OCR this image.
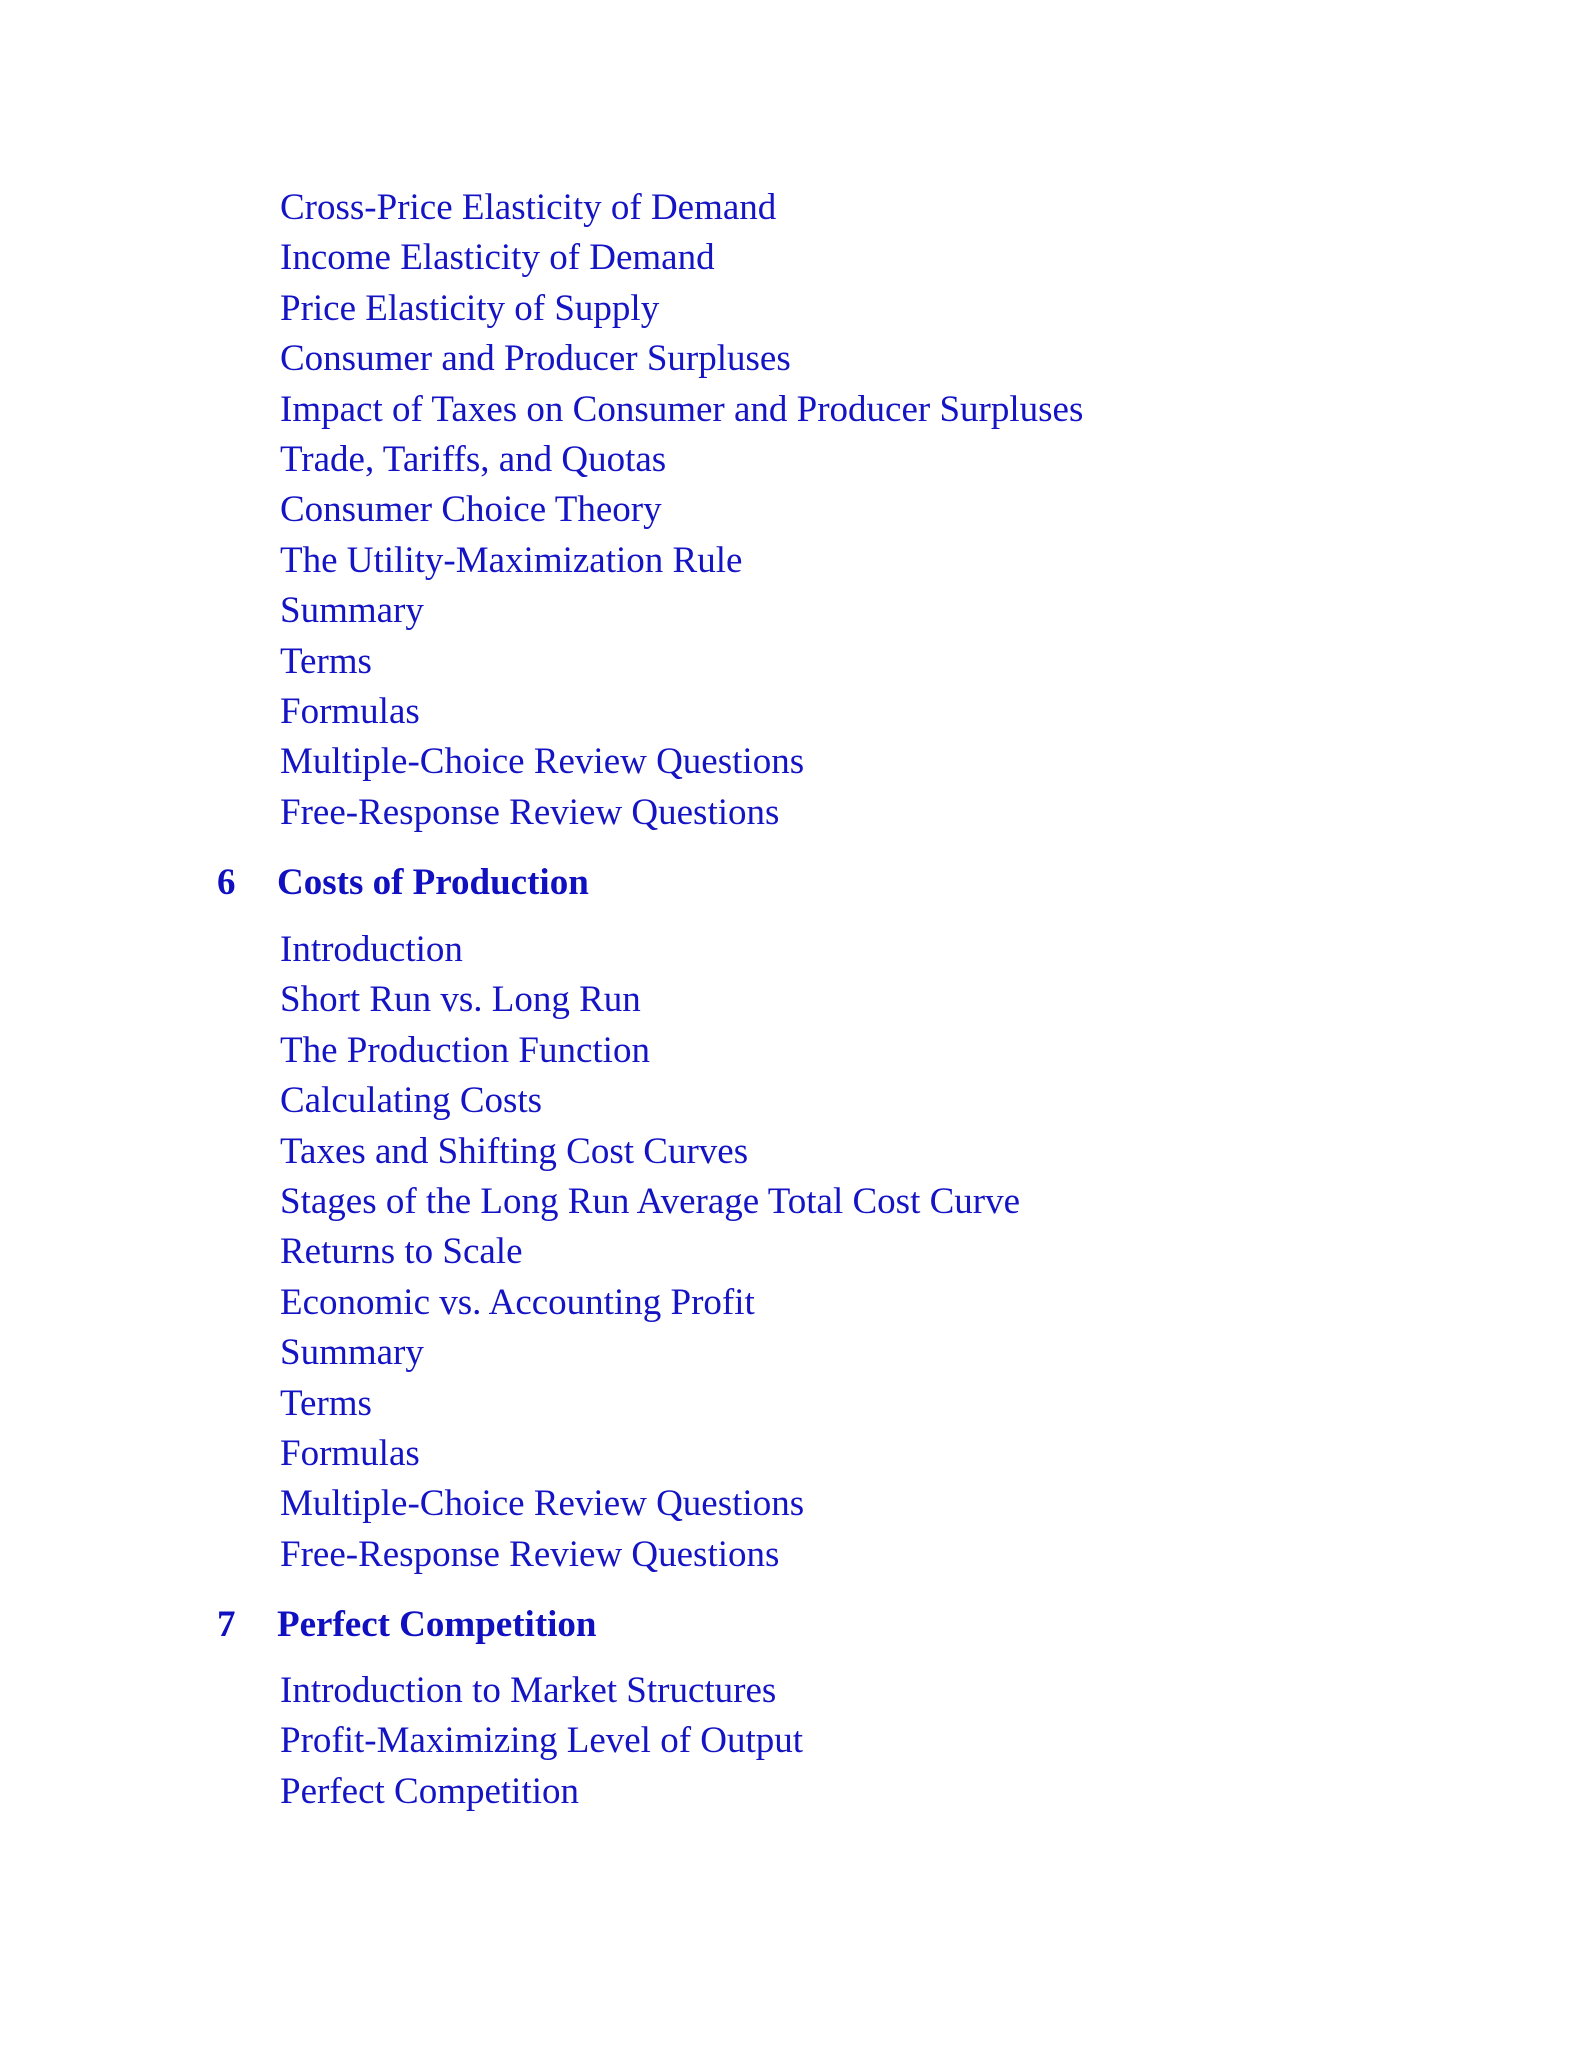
Cross-Price Elasticity of Demand
Income Elasticity of Demand
Price Elasticity of Supply
Consumer and Producer Surpluses
Impact of Taxes on Consumer and Producer Surpluses
Trade, Tariffs, and Quotas
Consumer Choice Theory
The Utility-Maximization Rule
Summary
Terms
Formulas
Multiple-Choice Review Questions
Free-Response Review Questions
6 Costs of Production
Introduction
Short Run vs. Long Run
The Production Function
Calculating Costs
Taxes and Shifting Cost Curves
Stages of the Long Run Average Total Cost Curve
Returns to Scale
Economic vs. Accounting Profit
Summary
Terms
Formulas
Multiple-Choice Review Questions
Free-Response Review Questions
7 Perfect Competition
Introduction to Market Structures
Profit-Maximizing Level of Output
Perfect Competition
